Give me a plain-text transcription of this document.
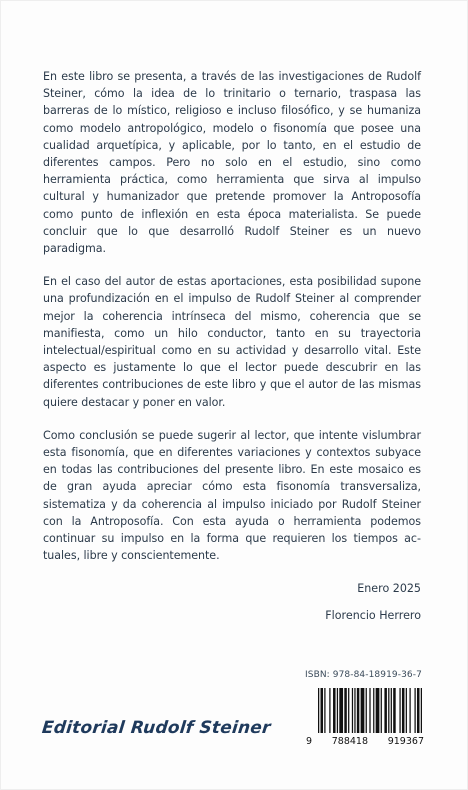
En este libro se presenta, a través de las investigaciones de Rudolf Steiner, cómo la idea de lo trinitario o ternario, traspasa las barreras de lo místico, religioso e incluso filosófico, y se humaniza como modelo antropológico, modelo o fisonomía que posee una cualidad arquetípica, y aplicable, por lo tanto, en el estudio de diferentes campos. Pero no solo en el estudio, sino como herramienta práctica, como herramienta que sirva al impulso cultural y humanizador que pretende promover la Antroposofía como punto de inflexión en esta época materialista. Se puede concluir que lo que desarrolló Rudolf Steiner es un nuevo paradigma.

En el caso del autor de estas aportaciones, esta posibilidad supone una profundización en el impulso de Rudolf Steiner al comprender mejor la coherencia intrínseca del mismo, coherencia que se manifiesta, como un hilo conductor, tanto en su trayectoria intelectual/espiritual como en su actividad y desarrollo vital. Este aspecto es justamente lo que el lector puede descubrir en las diferentes contribuciones de este libro y que el autor de las mismas quiere destacar y poner en valor.

Como conclusión se puede sugerir al lector, que intente vislumbrar esta fisonomía, que en diferentes variaciones y contextos subyace en todas las contribuciones del presente libro. En este mosaico es de gran ayuda apreciar cómo esta fisonomía transversaliza, sistematiza y da coherencia al impulso iniciado por Rudolf Steiner con la Antroposofía. Con esta ayuda o herramienta podemos continuar su impulso en la forma que requieren los tiempos actuales, libre y conscientemente.

Enero 2025

Florencio Herrero

Editorial Rudolf Steiner
ISBN: 978-84-18919-36-7
9 788418 919367
